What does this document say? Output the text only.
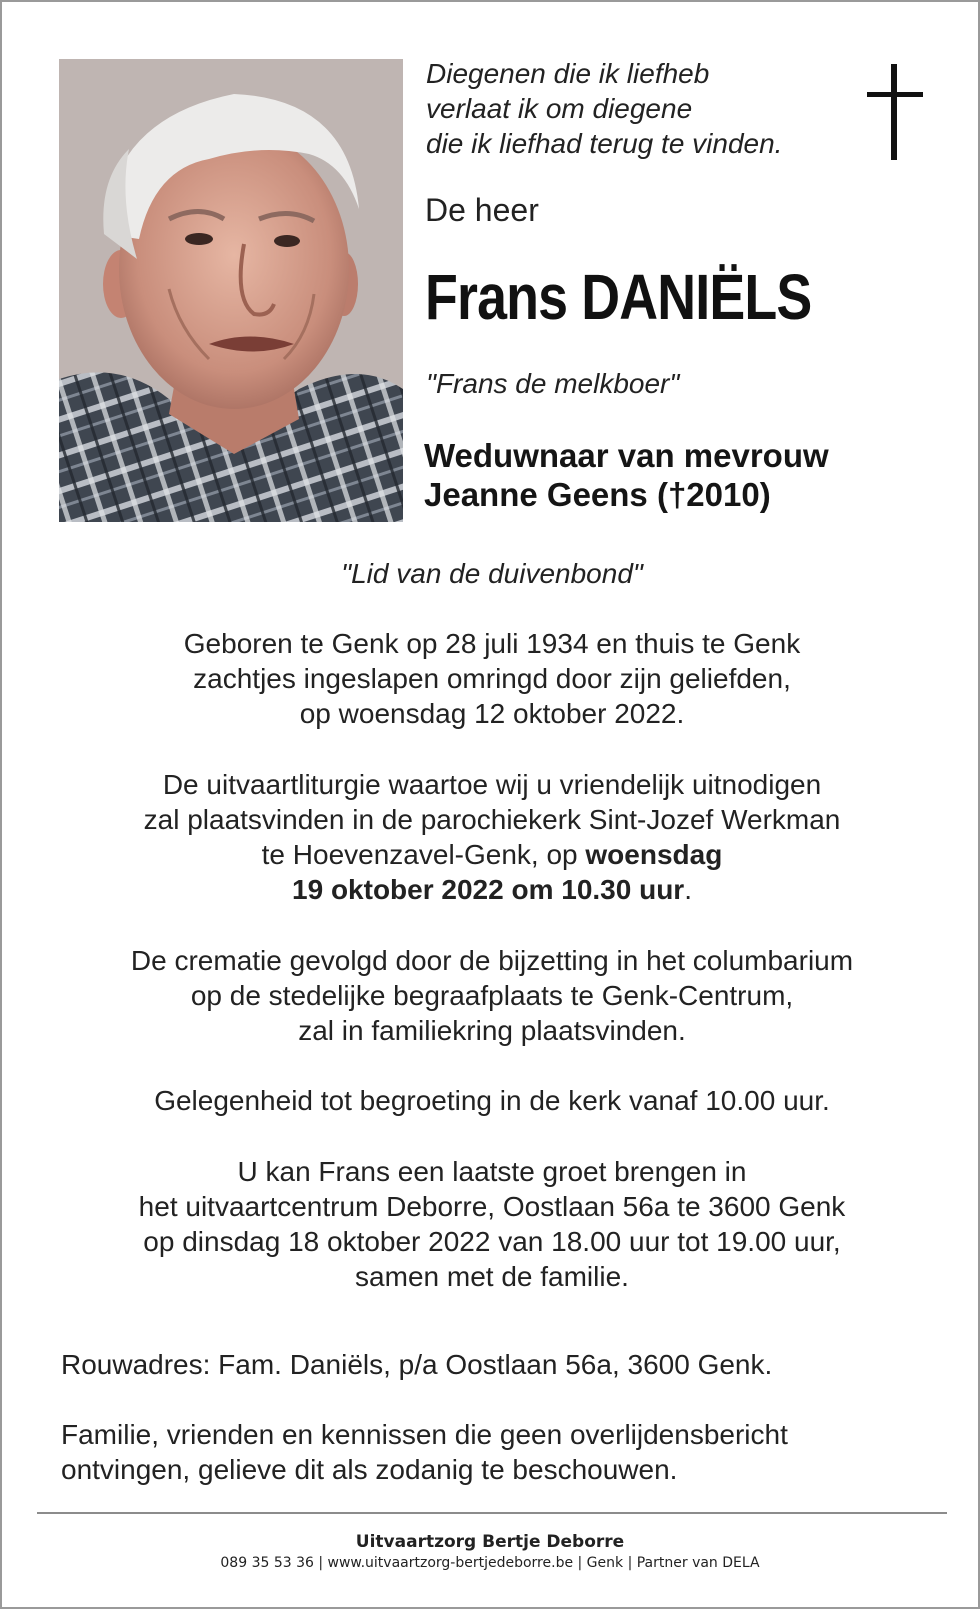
Diegenen die ik liefheb
verlaat ik om diegene
die ik liefhad terug te vinden.
De heer
Frans DANIËLS
"Frans de melkboer"
Weduwnaar van mevrouw
Jeanne Geens (†2010)
"Lid van de duivenbond"
Geboren te Genk op 28 juli 1934 en thuis te Genk
zachtjes ingeslapen omringd door zijn geliefden,
op woensdag 12 oktober 2022.
De uitvaartliturgie waartoe wij u vriendelijk uitnodigen
zal plaatsvinden in de parochiekerk Sint-Jozef Werkman
te Hoevenzavel-Genk, op woensdag
19 oktober 2022 om 10.30 uur.
De crematie gevolgd door de bijzetting in het columbarium
op de stedelijke begraafplaats te Genk-Centrum,
zal in familiekring plaatsvinden.
Gelegenheid tot begroeting in de kerk vanaf 10.00 uur.
U kan Frans een laatste groet brengen in
het uitvaartcentrum Deborre, Oostlaan 56a te 3600 Genk
op dinsdag 18 oktober 2022 van 18.00 uur tot 19.00 uur,
samen met de familie.
Rouwadres: Fam. Daniëls, p/a Oostlaan 56a, 3600 Genk.
Familie, vrienden en kennissen die geen overlijdensbericht
ontvingen, gelieve dit als zodanig te beschouwen.
Uitvaartzorg Bertje Deborre
089 35 53 36 | www.uitvaartzorg-bertjedeborre.be | Genk | Partner van DELA
